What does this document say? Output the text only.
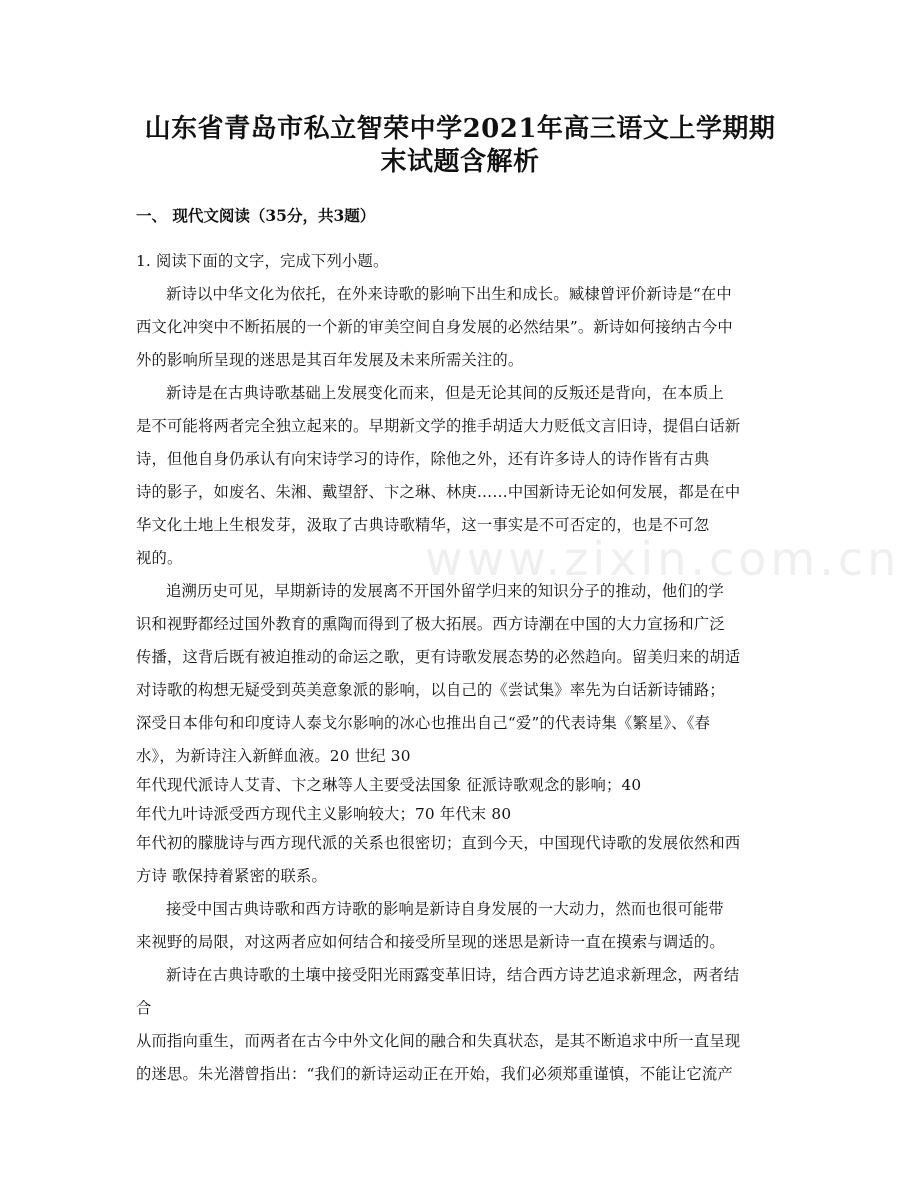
www.zixin.com.cn
山东省青岛市私立智荣中学2021年高三语文上学期期
末试题含解析
一、 现代文阅读（35分，共3题）
1. 阅读下面的文字，完成下列小题。
新诗以中华文化为依托，在外来诗歌的影响下出生和成长。臧棣曾评价新诗是“在中
西文化冲突中不断拓展的一个新的审美空间自身发展的必然结果”。新诗如何接纳古今中
外的影响所呈现的迷思是其百年发展及未来所需关注的。
新诗是在古典诗歌基础上发展变化而来，但是无论其间的反叛还是背向，在本质上
是不可能将两者完全独立起来的。早期新文学的推手胡适大力贬低文言旧诗，提倡白话新
诗，但他自身仍承认有向宋诗学习的诗作，除他之外，还有许多诗人的诗作皆有古典
诗的影子，如废名、朱湘、戴望舒、卞之琳、林庚……中国新诗无论如何发展，都是在中
华文化土地上生根发芽，汲取了古典诗歌精华，这一事实是不可否定的，也是不可忽
视的。
追溯历史可见，早期新诗的发展离不开国外留学归来的知识分子的推动，他们的学
识和视野都经过国外教育的熏陶而得到了极大拓展。西方诗潮在中国的大力宣扬和广泛
传播，这背后既有被迫推动的命运之歌，更有诗歌发展态势的必然趋向。留美归来的胡适
对诗歌的构想无疑受到英美意象派的影响，以自己的《尝试集》率先为白话新诗铺路；
深受日本俳句和印度诗人泰戈尔影响的冰心也推出自己“爱”的代表诗集《繁星》、《春
水》，为新诗注入新鲜血液。20 世纪 30
年代现代派诗人艾青、卞之琳等人主要受法国象 征派诗歌观念的影响；40
年代九叶诗派受西方现代主义影响较大；70 年代末 80
年代初的朦胧诗与西方现代派的关系也很密切；直到今天，中国现代诗歌的发展依然和西
方诗 歌保持着紧密的联系。
接受中国古典诗歌和西方诗歌的影响是新诗自身发展的一大动力，然而也很可能带
来视野的局限，对这两者应如何结合和接受所呈现的迷思是新诗一直在摸索与调适的。
新诗在古典诗歌的土壤中接受阳光雨露变革旧诗，结合西方诗艺追求新理念，两者结
合
从而指向重生，而两者在古今中外文化间的融合和失真状态，是其不断追求中所一直呈现
的迷思。朱光潜曾指出：“我们的新诗运动正在开始，我们必须郑重谨慎，不能让它流产
